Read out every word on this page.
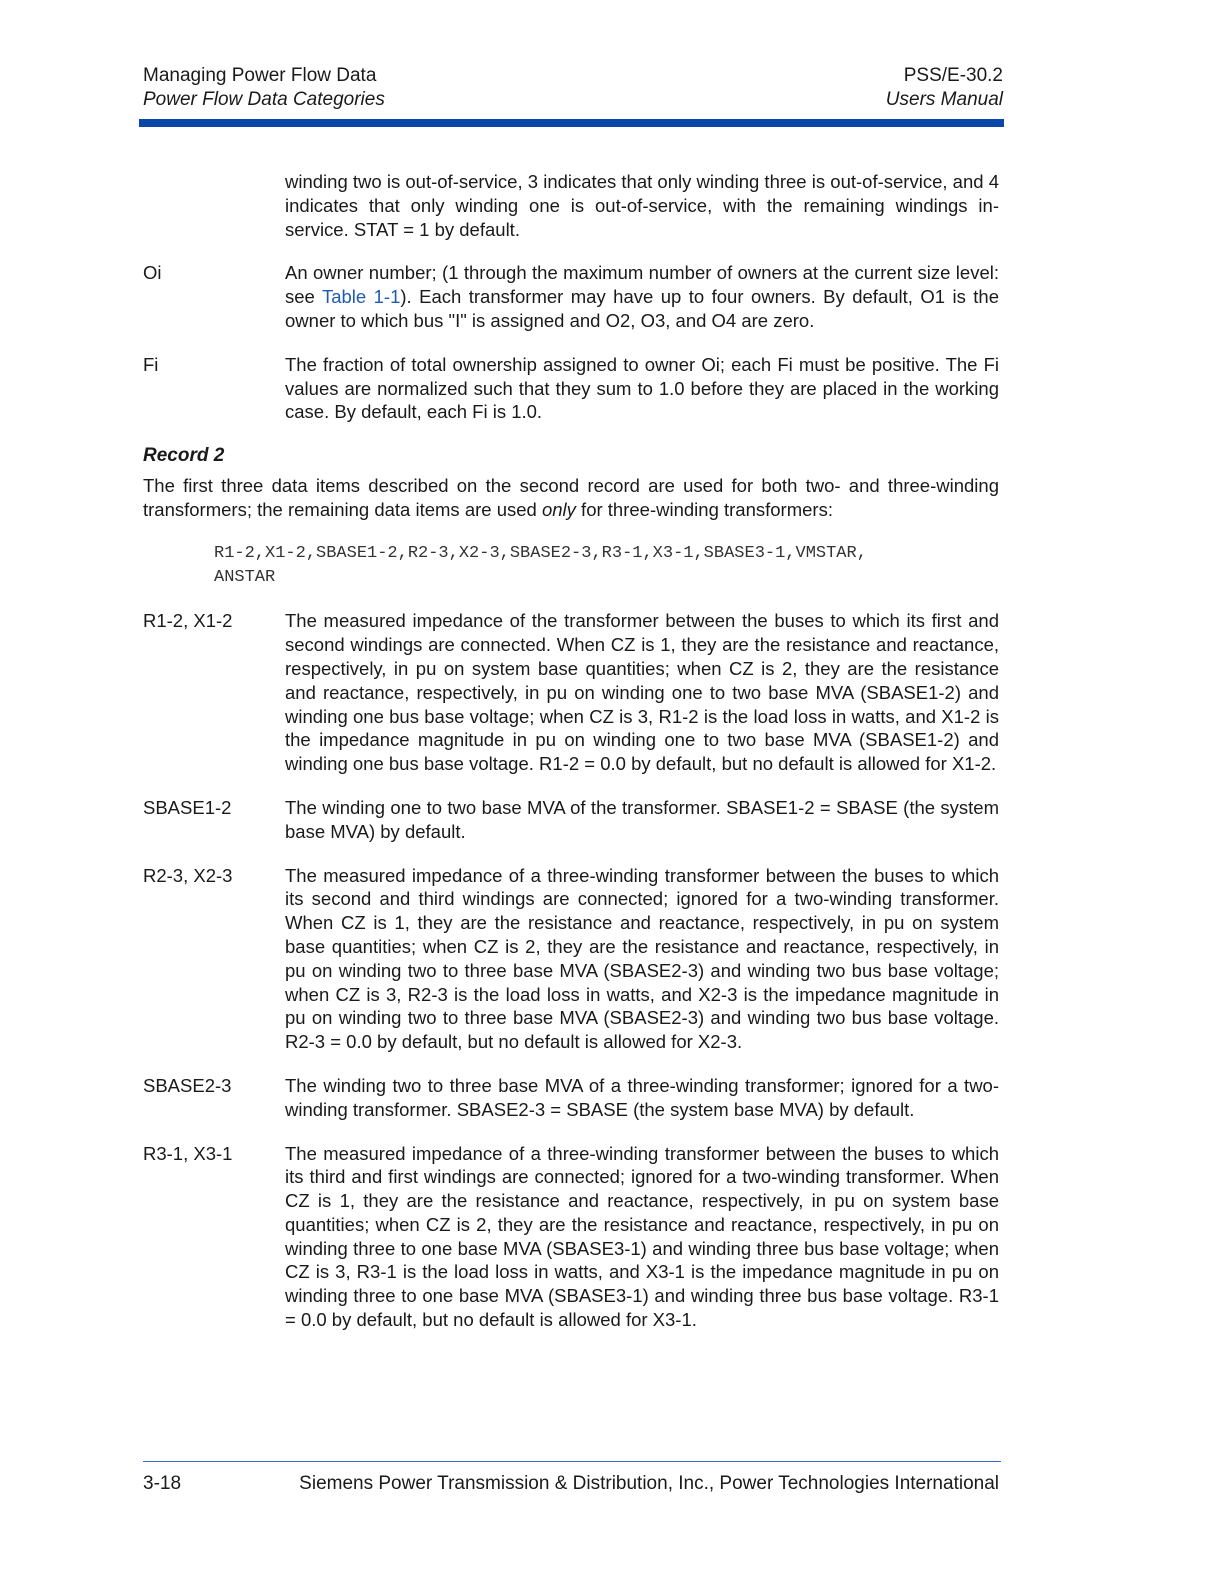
Managing Power Flow Data
Power Flow Data Categories
PSS/E-30.2
Users Manual
winding two is out-of-service, 3 indicates that only winding three is out-of-service, and 4 indicates that only winding one is out-of-service, with the remaining windings in-service. STAT = 1 by default.
Oi	An owner number; (1 through the maximum number of owners at the current size level: see Table 1-1). Each transformer may have up to four owners. By default, O1 is the owner to which bus "I" is assigned and O2, O3, and O4 are zero.
Fi	The fraction of total ownership assigned to owner Oi; each Fi must be positive. The Fi values are normalized such that they sum to 1.0 before they are placed in the working case. By default, each Fi is 1.0.
Record 2
The first three data items described on the second record are used for both two- and three-winding transformers; the remaining data items are used only for three-winding transformers:
R1-2,X1-2,SBASE1-2,R2-3,X2-3,SBASE2-3,R3-1,X3-1,SBASE3-1,VMSTAR,
ANSTAR
R1-2, X1-2	The measured impedance of the transformer between the buses to which its first and second windings are connected. When CZ is 1, they are the resistance and reactance, respectively, in pu on system base quantities; when CZ is 2, they are the resistance and reactance, respectively, in pu on winding one to two base MVA (SBASE1-2) and winding one bus base voltage; when CZ is 3, R1-2 is the load loss in watts, and X1-2 is the impedance magnitude in pu on winding one to two base MVA (SBASE1-2) and winding one bus base voltage. R1-2 = 0.0 by default, but no default is allowed for X1-2.
SBASE1-2	The winding one to two base MVA of the transformer. SBASE1-2 = SBASE (the system base MVA) by default.
R2-3, X2-3	The measured impedance of a three-winding transformer between the buses to which its second and third windings are connected; ignored for a two-winding transformer. When CZ is 1, they are the resistance and reactance, respectively, in pu on system base quantities; when CZ is 2, they are the resistance and reactance, respectively, in pu on winding two to three base MVA (SBASE2-3) and winding two bus base voltage; when CZ is 3, R2-3 is the load loss in watts, and X2-3 is the impedance magnitude in pu on winding two to three base MVA (SBASE2-3) and winding two bus base voltage. R2-3 = 0.0 by default, but no default is allowed for X2-3.
SBASE2-3	The winding two to three base MVA of a three-winding transformer; ignored for a two-winding transformer. SBASE2-3 = SBASE (the system base MVA) by default.
R3-1, X3-1	The measured impedance of a three-winding transformer between the buses to which its third and first windings are connected; ignored for a two-winding transformer. When CZ is 1, they are the resistance and reactance, respectively, in pu on system base quantities; when CZ is 2, they are the resistance and reactance, respectively, in pu on winding three to one base MVA (SBASE3-1) and winding three bus base voltage; when CZ is 3, R3-1 is the load loss in watts, and X3-1 is the impedance magnitude in pu on winding three to one base MVA (SBASE3-1) and winding three bus base voltage. R3-1 = 0.0 by default, but no default is allowed for X3-1.
3-18	Siemens Power Transmission & Distribution, Inc., Power Technologies International
